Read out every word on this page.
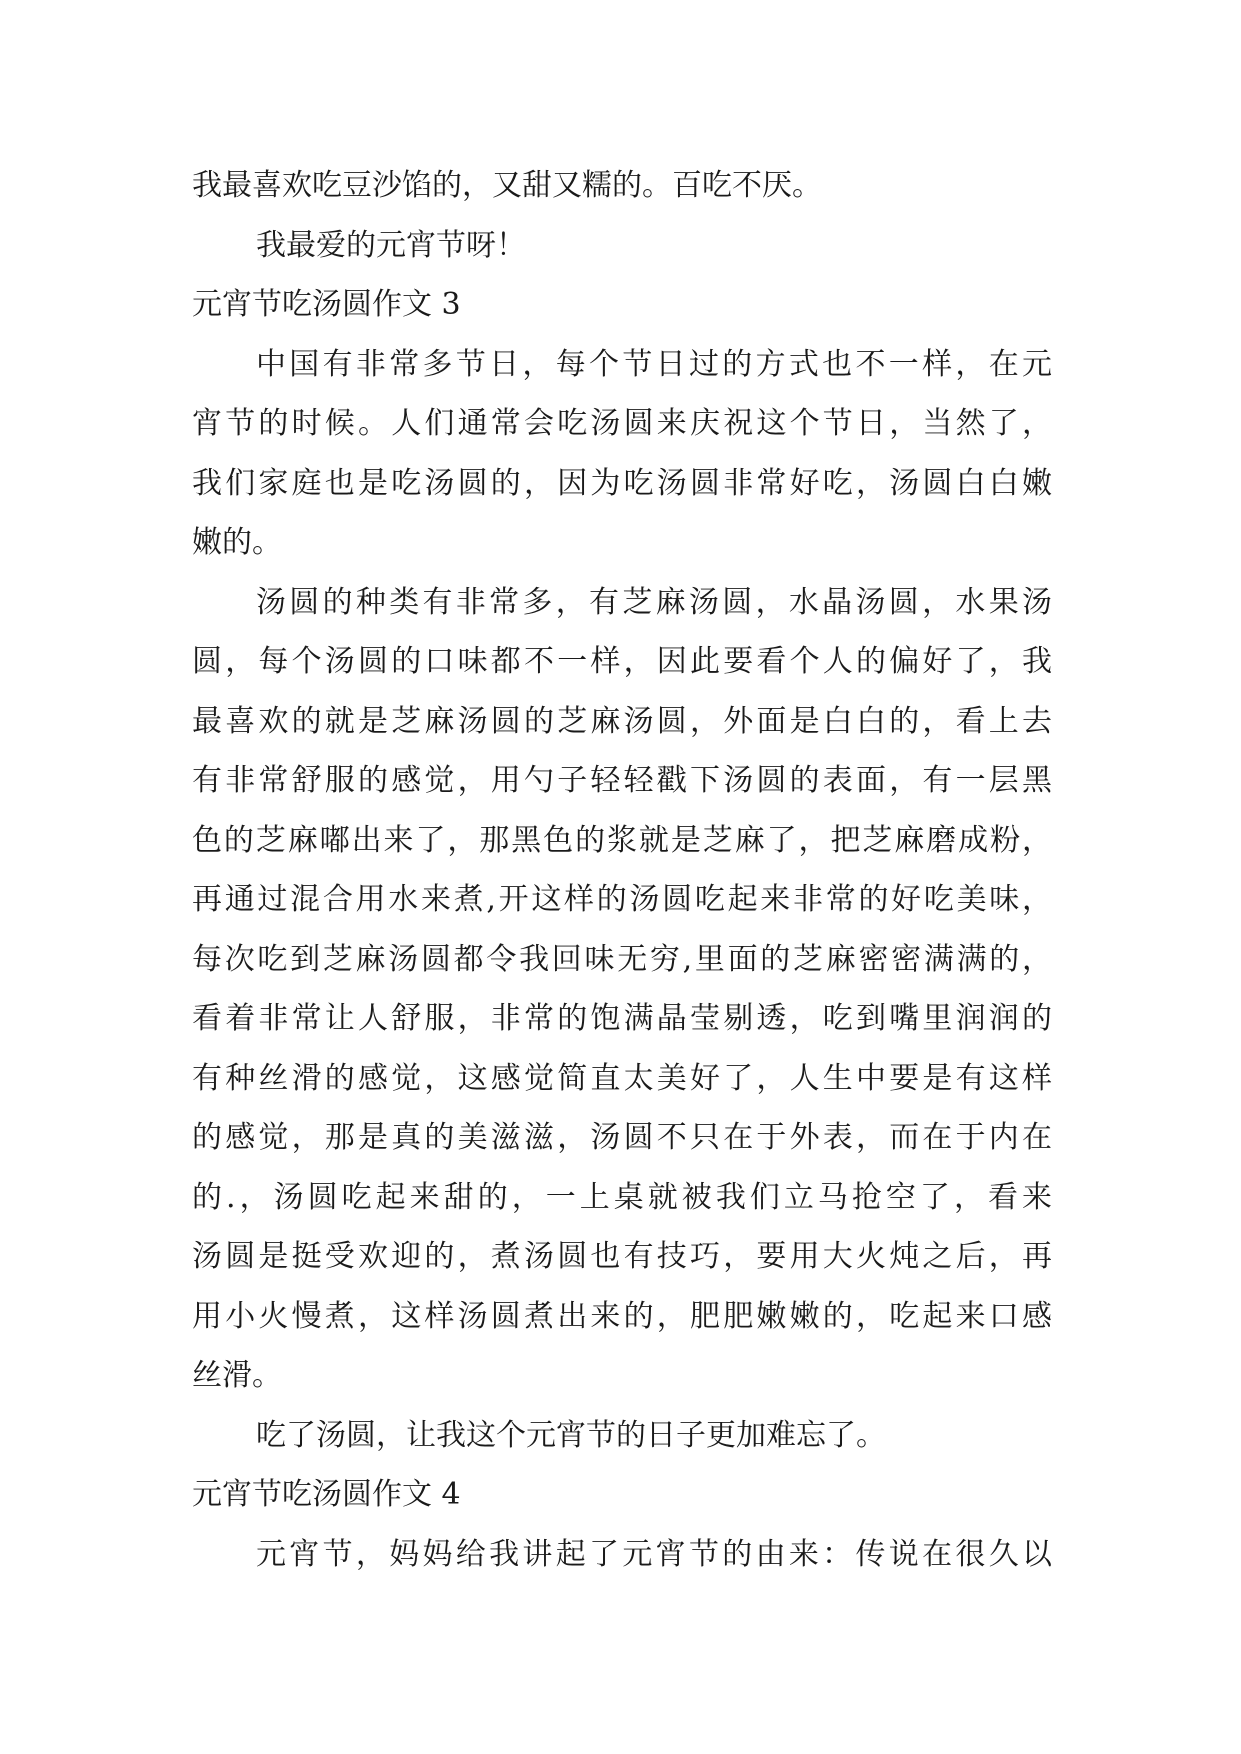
我最喜欢吃豆沙馅的，又甜又糯的。百吃不厌。
我最爱的元宵节呀！
元宵节吃汤圆作文 3
中国有非常多节日，每个节日过的方式也不一样，在元
宵节的时候。人们通常会吃汤圆来庆祝这个节日，当然了，
我们家庭也是吃汤圆的，因为吃汤圆非常好吃，汤圆白白嫩
嫩的。
汤圆的种类有非常多，有芝麻汤圆，水晶汤圆，水果汤
圆，每个汤圆的口味都不一样，因此要看个人的偏好了，我
最喜欢的就是芝麻汤圆的芝麻汤圆，外面是白白的，看上去
有非常舒服的感觉，用勺子轻轻戳下汤圆的表面，有一层黑
色的芝麻嘟出来了，那黑色的浆就是芝麻了，把芝麻磨成粉，
再通过混合用水来煮,开这样的汤圆吃起来非常的好吃美味，
每次吃到芝麻汤圆都令我回味无穷,里面的芝麻密密满满的，
看着非常让人舒服，非常的饱满晶莹剔透，吃到嘴里润润的
有种丝滑的感觉，这感觉简直太美好了，人生中要是有这样
的感觉，那是真的美滋滋，汤圆不只在于外表，而在于内在
的.，汤圆吃起来甜的，一上桌就被我们立马抢空了，看来
汤圆是挺受欢迎的，煮汤圆也有技巧，要用大火炖之后，再
用小火慢煮，这样汤圆煮出来的，肥肥嫩嫩的，吃起来口感
丝滑。
吃了汤圆，让我这个元宵节的日子更加难忘了。
元宵节吃汤圆作文 4
元宵节，妈妈给我讲起了元宵节的由来：传说在很久以
